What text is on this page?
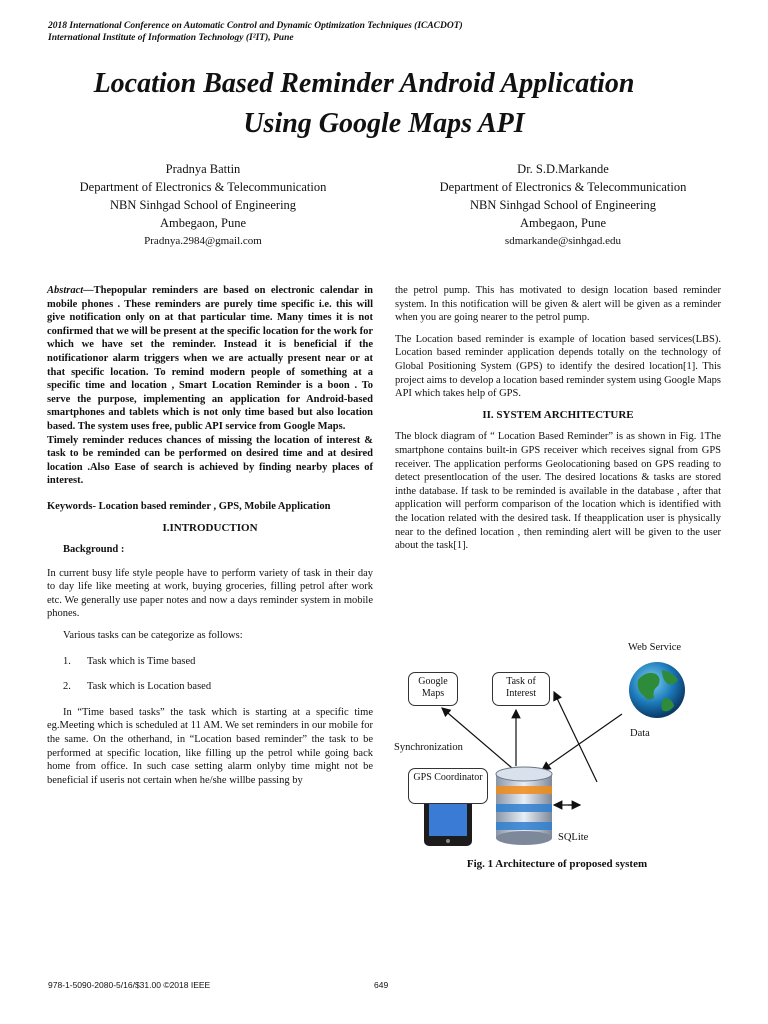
2018 International Conference on Automatic Control and Dynamic Optimization Techniques (ICACDOT)
International Institute of Information Technology (I²IT), Pune
Location Based Reminder Android Application
Using Google Maps API
Pradnya Battin
Department of Electronics & Telecommunication
NBN Sinhgad School of Engineering
Ambegaon, Pune
Pradnya.2984@gmail.com
Dr. S.D.Markande
Department of Electronics & Telecommunication
NBN Sinhgad School of Engineering
Ambegaon, Pune
sdmarkande@sinhgad.edu

Abstract—Thepopular reminders are based on electronic calendar in mobile phones . These reminders are purely time specific i.e. this will give notification only on at that particular time. Many times it is not confirmed that we will be present at the specific location for the work for which we have set the reminder. Instead it is beneficial if the notificationor alarm triggers when we are actually present near or at that specific location. To remind modern people of something at a specific time and location , Smart Location Reminder is a boon . To serve the purpose, implementing an application for Android-based smartphones and tablets which is not only time based but also location based. The system uses free, public API service from Google Maps.

Timely reminder reduces chances of missing the location of interest & task to be reminded can be performed on desired time and at desired location .Also Ease of search is achieved by finding nearby places of interest.

Keywords- Location based reminder , GPS, Mobile Application

I.INTRODUCTION
Background :

In current busy life style people have to perform variety of task in their day to day life like meeting at work, buying groceries, filling petrol after work etc. We generally use paper notes and now a days reminder system in mobile phones.

Various tasks can be categorize as follows:

1. Task which is Time based
2. Task which is Location based

In “Time based tasks” the task which is starting at a specific time eg.Meeting which is scheduled at 11 AM. We set reminders in our mobile for the same. On the otherhand, in “Location based reminder” the task to be performed at specific location, like filling up the petrol while going back home from office. In such case setting alarm onlyby time might not be beneficial if useris not certain when he/she willbe passing by

the petrol pump. This has motivated to design location based reminder system. In this notification will be given & alert will be given as a reminder when you are going nearer to the petrol pump.

The Location based reminder is example of location based services(LBS). Location based reminder application depends totally on the technology of Global Positioning System (GPS) to identify the desired location[1]. This project aims to develop a location based reminder system using Google Maps API which takes help of GPS.

II. SYSTEM ARCHITECTURE

The block diagram of “ Location Based Reminder” is as shown in Fig. 1The smartphone contains built-in GPS receiver which receives signal from GPS receiver. The application performs Geolocationing based on GPS reading to detect presentlocation of the user. The desired locations & tasks are stored inthe database. If task to be reminded is available in the database , after that application will perform comparison of the location which is identified with the location related with the desired task. If theapplication user is physically near to the defined location , then reminding alert will be given to the user about the task[1].

Web Service
Google Maps
Task of Interest
Data
Synchronization
GPS Coordinator
SQLite
Fig. 1 Architecture of proposed system
978-1-5090-2080-5/16/$31.00 ©2018 IEEE	649
